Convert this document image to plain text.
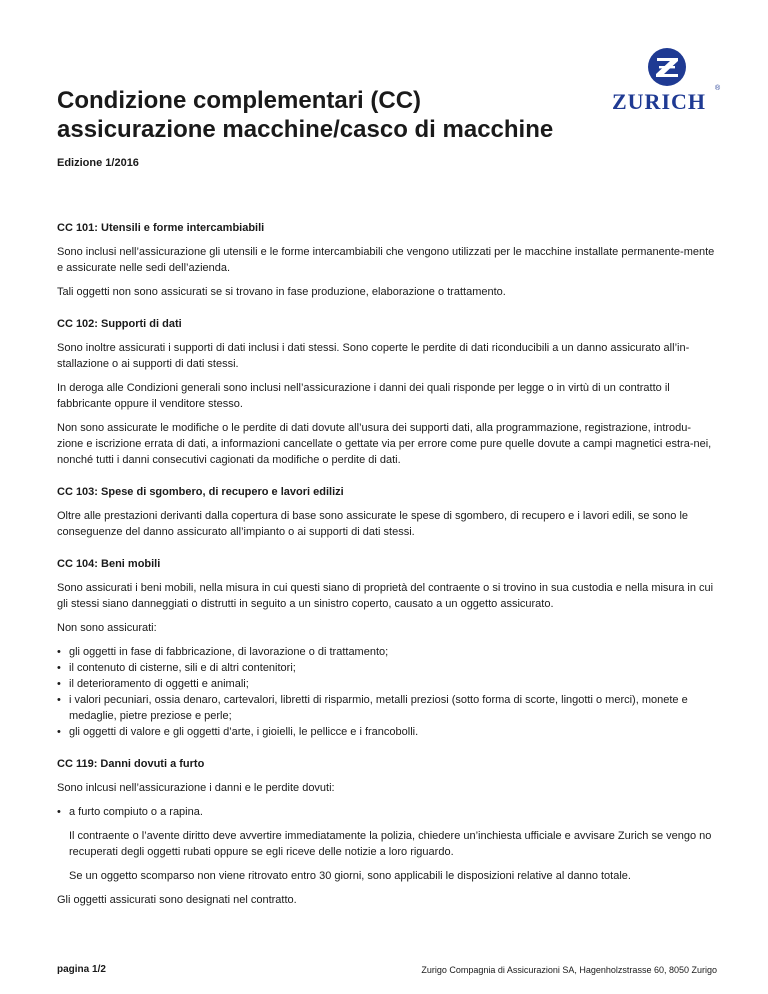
Condizione complementari (CC)
assicurazione macchine/casco di macchine
Edizione 1/2016
ZURICH
®
CC 101: Utensili e forme intercambiabili

Sono inclusi nell’assicurazione gli utensili e le forme intercambiabili che vengono utilizzati per le macchine installate permanente-mente e assicurate nelle sedi dell’azienda.

Tali oggetti non sono assicurati se si trovano in fase produzione, elaborazione o trattamento.

CC 102: Supporti di dati

Sono inoltre assicurati i supporti di dati inclusi i dati stessi. Sono coperte le perdite di dati riconducibili a un danno assicurato all’in-stallazione o ai supporti di dati stessi.

In deroga alle Condizioni generali sono inclusi nell’assicurazione i danni dei quali risponde per legge o in virtù di un contratto il fabbricante oppure il venditore stesso.

Non sono assicurate le modifiche o le perdite di dati dovute all’usura dei supporti dati, alla programmazione, registrazione, introdu-zione e iscrizione errata di dati, a informazioni cancellate o gettate via per errore come pure quelle dovute a campi magnetici estra-nei, nonché tutti i danni consecutivi cagionati da modifiche o perdite di dati.

CC 103: Spese di sgombero, di recupero e lavori edilizi

Oltre alle prestazioni derivanti dalla copertura di base sono assicurate le spese di sgombero, di recupero e i lavori edili, se sono le conseguenze del danno assicurato all’impianto o ai supporti di dati stessi.

CC 104: Beni mobili

Sono assicurati i beni mobili, nella misura in cui questi siano di proprietà del contraente o si trovino in sua custodia e nella misura in cui gli stessi siano danneggiati o distrutti in seguito a un sinistro coperto, causato a un oggetto assicurato.

Non sono assicurati:

• gli oggetti in fase di fabbricazione, di lavorazione o di trattamento;
• il contenuto di cisterne, sili e di altri contenitori;
• il deterioramento di oggetti e animali;
• i valori pecuniari, ossia denaro, cartevalori, libretti di risparmio, metalli preziosi (sotto forma di scorte, lingotti o merci), monete e medaglie, pietre preziose e perle;
• gli oggetti di valore e gli oggetti d’arte, i gioielli, le pellicce e i francobolli.
CC 119: Danni dovuti a furto

Sono inlcusi nell’assicurazione i danni e le perdite dovuti:

• a furto compiuto o a rapina.

Il contraente o l’avente diritto deve avvertire immediatamente la polizia, chiedere un’inchiesta ufficiale e avvisare Zurich se vengo no recuperati degli oggetti rubati oppure se egli riceve delle notizie a loro riguardo.

Se un oggetto scomparso non viene ritrovato entro 30 giorni, sono applicabili le disposizioni relative al danno totale.

Gli oggetti assicurati sono designati nel contratto.

pagina 1/2	Zurigo Compagnia di Assicurazioni SA, Hagenholzstrasse 60, 8050 Zurigo
